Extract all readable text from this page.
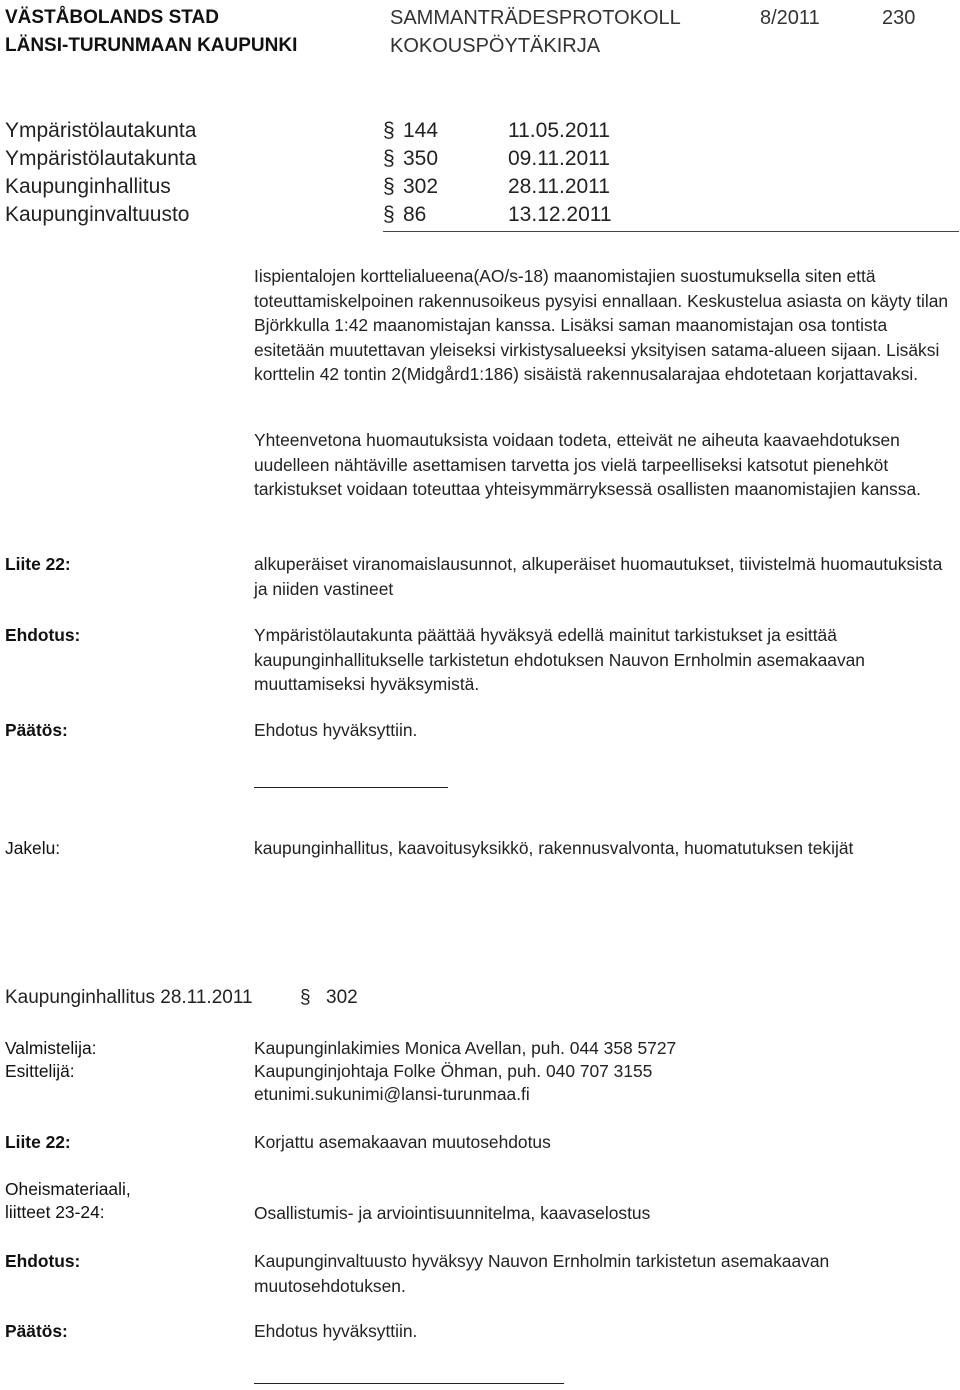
VÄSTÅBOLANDS STAD
LÄNSI-TURUNMAAN KAUPUNKI
SAMMANTRÄDESPROTOKOLL
KOKOUSPÖYTÄKIRJA
8/2011	230
Ympäristölautakunta	§ 144	11.05.2011
Ympäristölautakunta	§ 350	09.11.2011
Kaupunginhallitus	§ 302	28.11.2011
Kaupunginvaltuusto	§ 86	13.12.2011
Iispientalojen korttelialueena(AO/s-18) maanomistajien suostumuksella siten että toteuttamiskelpoinen rakennusoikeus pysyisi ennallaan. Keskustelua asiasta on käyty tilan Björkkulla 1:42 maanomistajan kanssa. Lisäksi saman maanomistajan osa tontista esitetään muutettavan yleiseksi virkistysalueeksi yksityisen satama-alueen sijaan. Lisäksi korttelin 42 tontin 2(Midgård1:186) sisäistä rakennusalarajaa ehdotetaan korjattavaksi.
Yhteenvetona huomautuksista voidaan todeta, etteivät ne aiheuta kaavaehdotuksen uudelleen nähtäville asettamisen tarvetta jos vielä tarpeelliseksi katsotut pienehköt tarkistukset voidaan toteuttaa yhteisymmärryksessä osallisten maanomistajien kanssa.
Liite 22:	alkuperäiset viranomaislausunnot, alkuperäiset huomautukset, tiivistelmä huomautuksista ja niiden vastineet
Ehdotus:	Ympäristölautakunta päättää hyväksyä edellä mainitut tarkistukset ja esittää kaupunginhallitukselle tarkistetun ehdotuksen Nauvon Ernholmin asemakaavan muuttamiseksi hyväksymistä.
Päätös:	Ehdotus hyväksyttiin.
Jakelu:	kaupunginhallitus, kaavoitusyksikkö, rakennusvalvonta, huomatutuksen tekijät
Kaupunginhallitus 28.11.2011 § 302
Valmistelija:	Kaupunginlakimies Monica Avellan, puh. 044 358 5727
Esittelijä:	Kaupunginjohtaja Folke Öhman, puh. 040 707 3155
etunimi.sukunimi@lansi-turunmaa.fi
Liite 22:	Korjattu asemakaavan muutosehdotus
Oheismateriaali,
liitteet 23-24:	Osallistumis- ja arviointisuunnitelma, kaavaselostus
Ehdotus:	Kaupunginvaltuusto hyväksyy Nauvon Ernholmin tarkistetun asemakaavan muutosehdotuksen.
Päätös:	Ehdotus hyväksyttiin.
